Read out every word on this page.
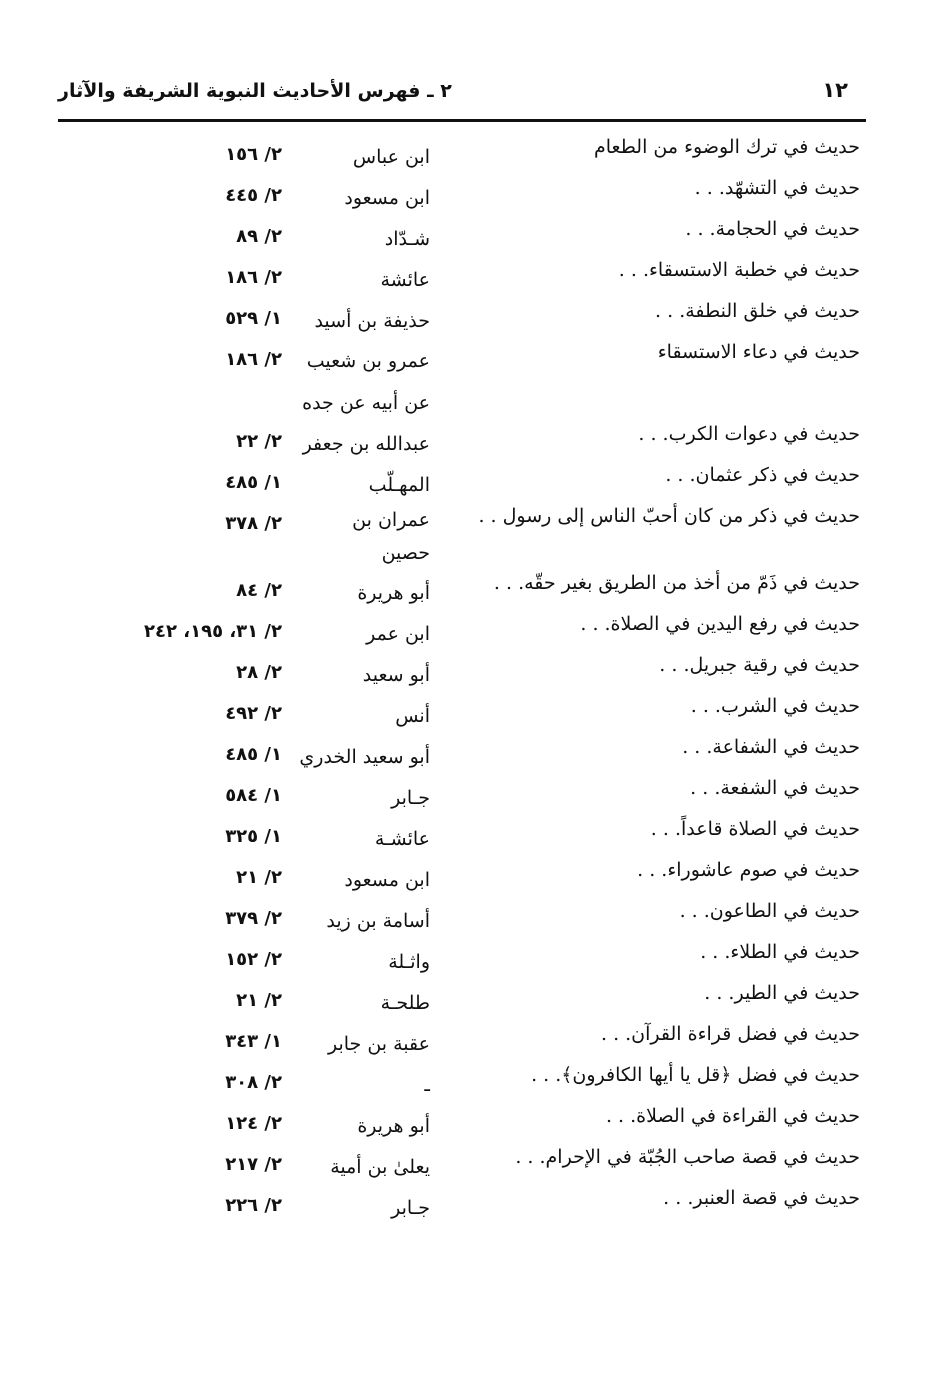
١٢
٢ ـ فهرس الأحاديث النبوية الشريفة والآثار
حديث في ترك الوضوء من الطعام
ابن عباس
٢/ ١٥٦
حديث في التشهّد. . .
ابن مسعود
٢/ ٤٤٥
حديث في الحجامة. . .
شـدّاد
٢/ ٨٩
حديث في خطبة الاستسقاء. . .
عائشة
٢/ ١٨٦
حديث في خلق النطفة. . .
حذيفة بن أسيد
١/ ٥٢٩
حديث في دعاء الاستسقاء
عمرو بن شعيب عن أبيه عن جده
٢/ ١٨٦
حديث في دعوات الكرب. . .
عبدالله بن جعفر
٢/ ٢٢
حديث في ذكر عثمان. . .
المهـلّب
١/ ٤٨٥
حديث في ذكر من كان أحبّ الناس إلى رسول . .
عمران بن حصين
٢/ ٣٧٨
حديث في ذَمّ من أخذ من الطريق بغير حقّه. . .
أبو هريرة
٢/ ٨٤
حديث في رفع اليدين في الصلاة. . .
ابن عمر
٢/ ٣١، ١٩٥، ٢٤٢
حديث في رقية جبريل. . .
أبو سعيد
٢/ ٢٨
حديث في الشرب. . .
أنس
٢/ ٤٩٢
حديث في الشفاعة. . .
أبو سعيد الخدري
١/ ٤٨٥
حديث في الشفعة. . .
جـابر
١/ ٥٨٤
حديث في الصلاة قاعداً. . .
عائشـة
١/ ٣٢٥
حديث في صوم عاشوراء. . .
ابن مسعود
٢/ ٢١
حديث في الطاعون. . .
أسامة بن زيد
٢/ ٣٧٩
حديث في الطلاء. . .
واثـلة
٢/ ١٥٢
حديث في الطير. . .
طلحـة
٢/ ٢١
حديث في فضل قراءة القرآن. . .
عقبة بن جابر
١/ ٣٤٣
حديث في فضل ﴿قل يا أيها الكافرون﴾. . .
ـ
٢/ ٣٠٨
حديث في القراءة في الصلاة. . .
أبو هريرة
٢/ ١٢٤
حديث في قصة صاحب الجُبّة في الإحرام. . .
يعلىٰ بن أمية
٢/ ٢١٧
حديث في قصة العنبر. . .
جـابر
٢/ ٢٢٦
